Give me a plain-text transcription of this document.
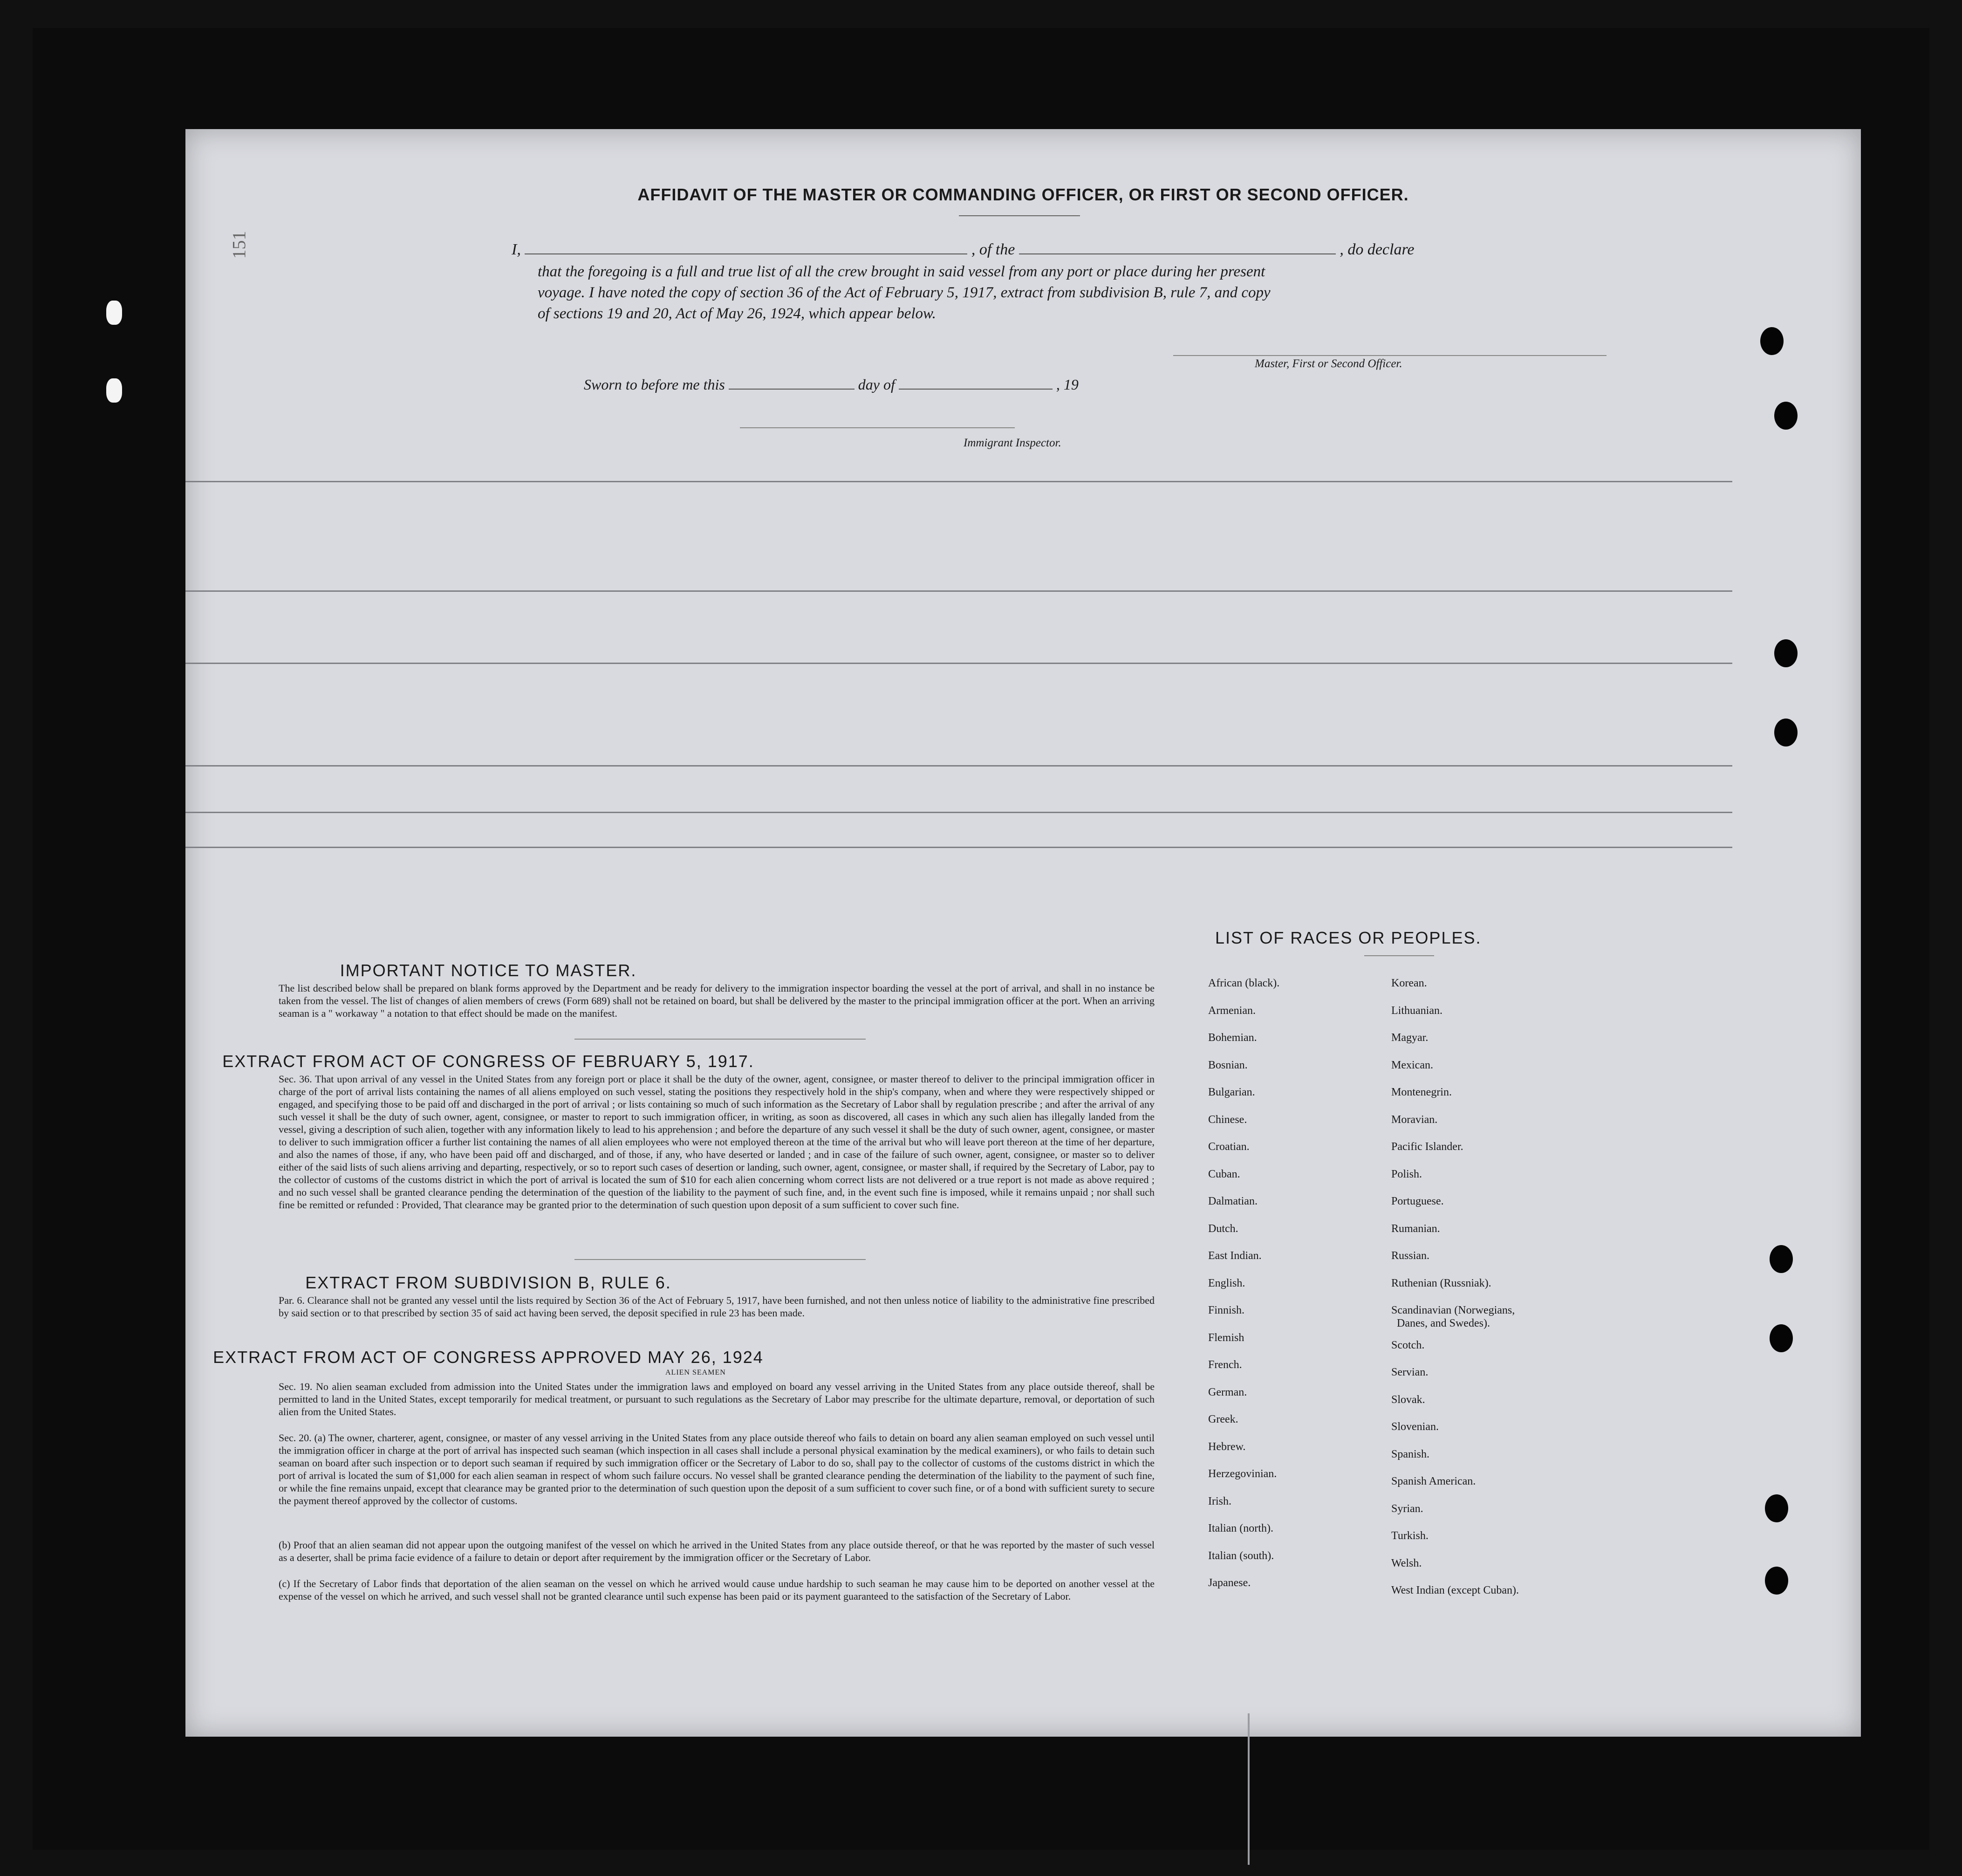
151
AFFIDAVIT OF THE MASTER OR COMMANDING OFFICER, OR FIRST OR SECOND OFFICER.
I,	, of the	, do declare
that the foregoing is a full and true list of all the crew brought in said vessel from any port or place during her present
voyage. I have noted the copy of section 36 of the Act of February 5, 1917, extract from subdivision B, rule 7, and copy
of sections 19 and 20, Act of May 26, 1924, which appear below.
Master, First or Second Officer.
Sworn to before me this	day of	, 19
Immigrant Inspector.
IMPORTANT NOTICE TO MASTER.
The list described below shall be prepared on blank forms approved by the Department and be ready for delivery to the immigration inspector boarding the vessel at the port of arrival, and shall in no instance be taken from the vessel. The list of changes of alien members of crews (Form 689) shall not be retained on board, but shall be delivered by the master to the principal immigration officer at the port. When an arriving seaman is a " workaway " a notation to that effect should be made on the manifest.
EXTRACT FROM ACT OF CONGRESS OF FEBRUARY 5, 1917.
Sec. 36. That upon arrival of any vessel in the United States from any foreign port or place it shall be the duty of the owner, agent, consignee, or master thereof to deliver to the principal immigration officer in charge of the port of arrival lists containing the names of all aliens employed on such vessel, stating the positions they respectively hold in the ship's company, when and where they were respectively shipped or engaged, and specifying those to be paid off and discharged in the port of arrival ; or lists containing so much of such information as the Secretary of Labor shall by regulation prescribe ; and after the arrival of any such vessel it shall be the duty of such owner, agent, consignee, or master to report to such immigration officer, in writing, as soon as discovered, all cases in which any such alien has illegally landed from the vessel, giving a description of such alien, together with any information likely to lead to his apprehension ; and before the departure of any such vessel it shall be the duty of such owner, agent, consignee, or master to deliver to such immigration officer a further list containing the names of all alien employees who were not employed thereon at the time of the arrival but who will leave port thereon at the time of her departure, and also the names of those, if any, who have been paid off and discharged, and of those, if any, who have deserted or landed ; and in case of the failure of such owner, agent, consignee, or master so to deliver either of the said lists of such aliens arriving and departing, respectively, or so to report such cases of desertion or landing, such owner, agent, consignee, or master shall, if required by the Secretary of Labor, pay to the collector of customs of the customs district in which the port of arrival is located the sum of $10 for each alien concerning whom correct lists are not delivered or a true report is not made as above required ; and no such vessel shall be granted clearance pending the determination of the question of the liability to the payment of such fine, and, in the event such fine is imposed, while it remains unpaid ; nor shall such fine be remitted or refunded : Provided, That clearance may be granted prior to the determination of such question upon deposit of a sum sufficient to cover such fine.
EXTRACT FROM SUBDIVISION B, RULE 6.
Par. 6. Clearance shall not be granted any vessel until the lists required by Section 36 of the Act of February 5, 1917, have been furnished, and not then unless notice of liability to the administrative fine prescribed by said section or to that prescribed by section 35 of said act having been served, the deposit specified in rule 23 has been made.
EXTRACT FROM ACT OF CONGRESS APPROVED MAY 26, 1924
ALIEN SEAMEN
Sec. 19. No alien seaman excluded from admission into the United States under the immigration laws and employed on board any vessel arriving in the United States from any place outside thereof, shall be permitted to land in the United States, except temporarily for medical treatment, or pursuant to such regulations as the Secretary of Labor may prescribe for the ultimate departure, removal, or deportation of such alien from the United States.
Sec. 20. (a) The owner, charterer, agent, consignee, or master of any vessel arriving in the United States from any place outside thereof who fails to detain on board any alien seaman employed on such vessel until the immigration officer in charge at the port of arrival has inspected such seaman (which inspection in all cases shall include a personal physical examination by the medical examiners), or who fails to detain such seaman on board after such inspection or to deport such seaman if required by such immigration officer or the Secretary of Labor to do so, shall pay to the collector of customs of the customs district in which the port of arrival is located the sum of $1,000 for each alien seaman in respect of whom such failure occurs. No vessel shall be granted clearance pending the determination of the liability to the payment of such fine, or while the fine remains unpaid, except that clearance may be granted prior to the determination of such question upon the deposit of a sum sufficient to cover such fine, or of a bond with sufficient surety to secure the payment thereof approved by the collector of customs.
(b) Proof that an alien seaman did not appear upon the outgoing manifest of the vessel on which he arrived in the United States from any place outside thereof, or that he was reported by the master of such vessel as a deserter, shall be prima facie evidence of a failure to detain or deport after requirement by the immigration officer or the Secretary of Labor.
(c) If the Secretary of Labor finds that deportation of the alien seaman on the vessel on which he arrived would cause undue hardship to such seaman he may cause him to be deported on another vessel at the expense of the vessel on which he arrived, and such vessel shall not be granted clearance until such expense has been paid or its payment guaranteed to the satisfaction of the Secretary of Labor.
LIST OF RACES OR PEOPLES.
Danes, and Swedes).
African (black).
Armenian.
Bohemian.
Bosnian.
Bulgarian.
Chinese.
Croatian.
Cuban.
Dalmatian.
Dutch.
East Indian.
English.
Finnish.
Flemish
French.
German.
Greek.
Hebrew.
Herzegovinian.
Irish.
Italian (north).
Italian (south).
Japanese.
Korean.
Lithuanian.
Magyar.
Mexican.
Montenegrin.
Moravian.
Pacific Islander.
Polish.
Portuguese.
Rumanian.
Russian.
Ruthenian (Russniak).
Scandinavian (Norwegians,
Scotch.
Servian.
Slovak.
Slovenian.
Spanish.
Spanish American.
Syrian.
Turkish.
Welsh.
West Indian (except Cuban).
